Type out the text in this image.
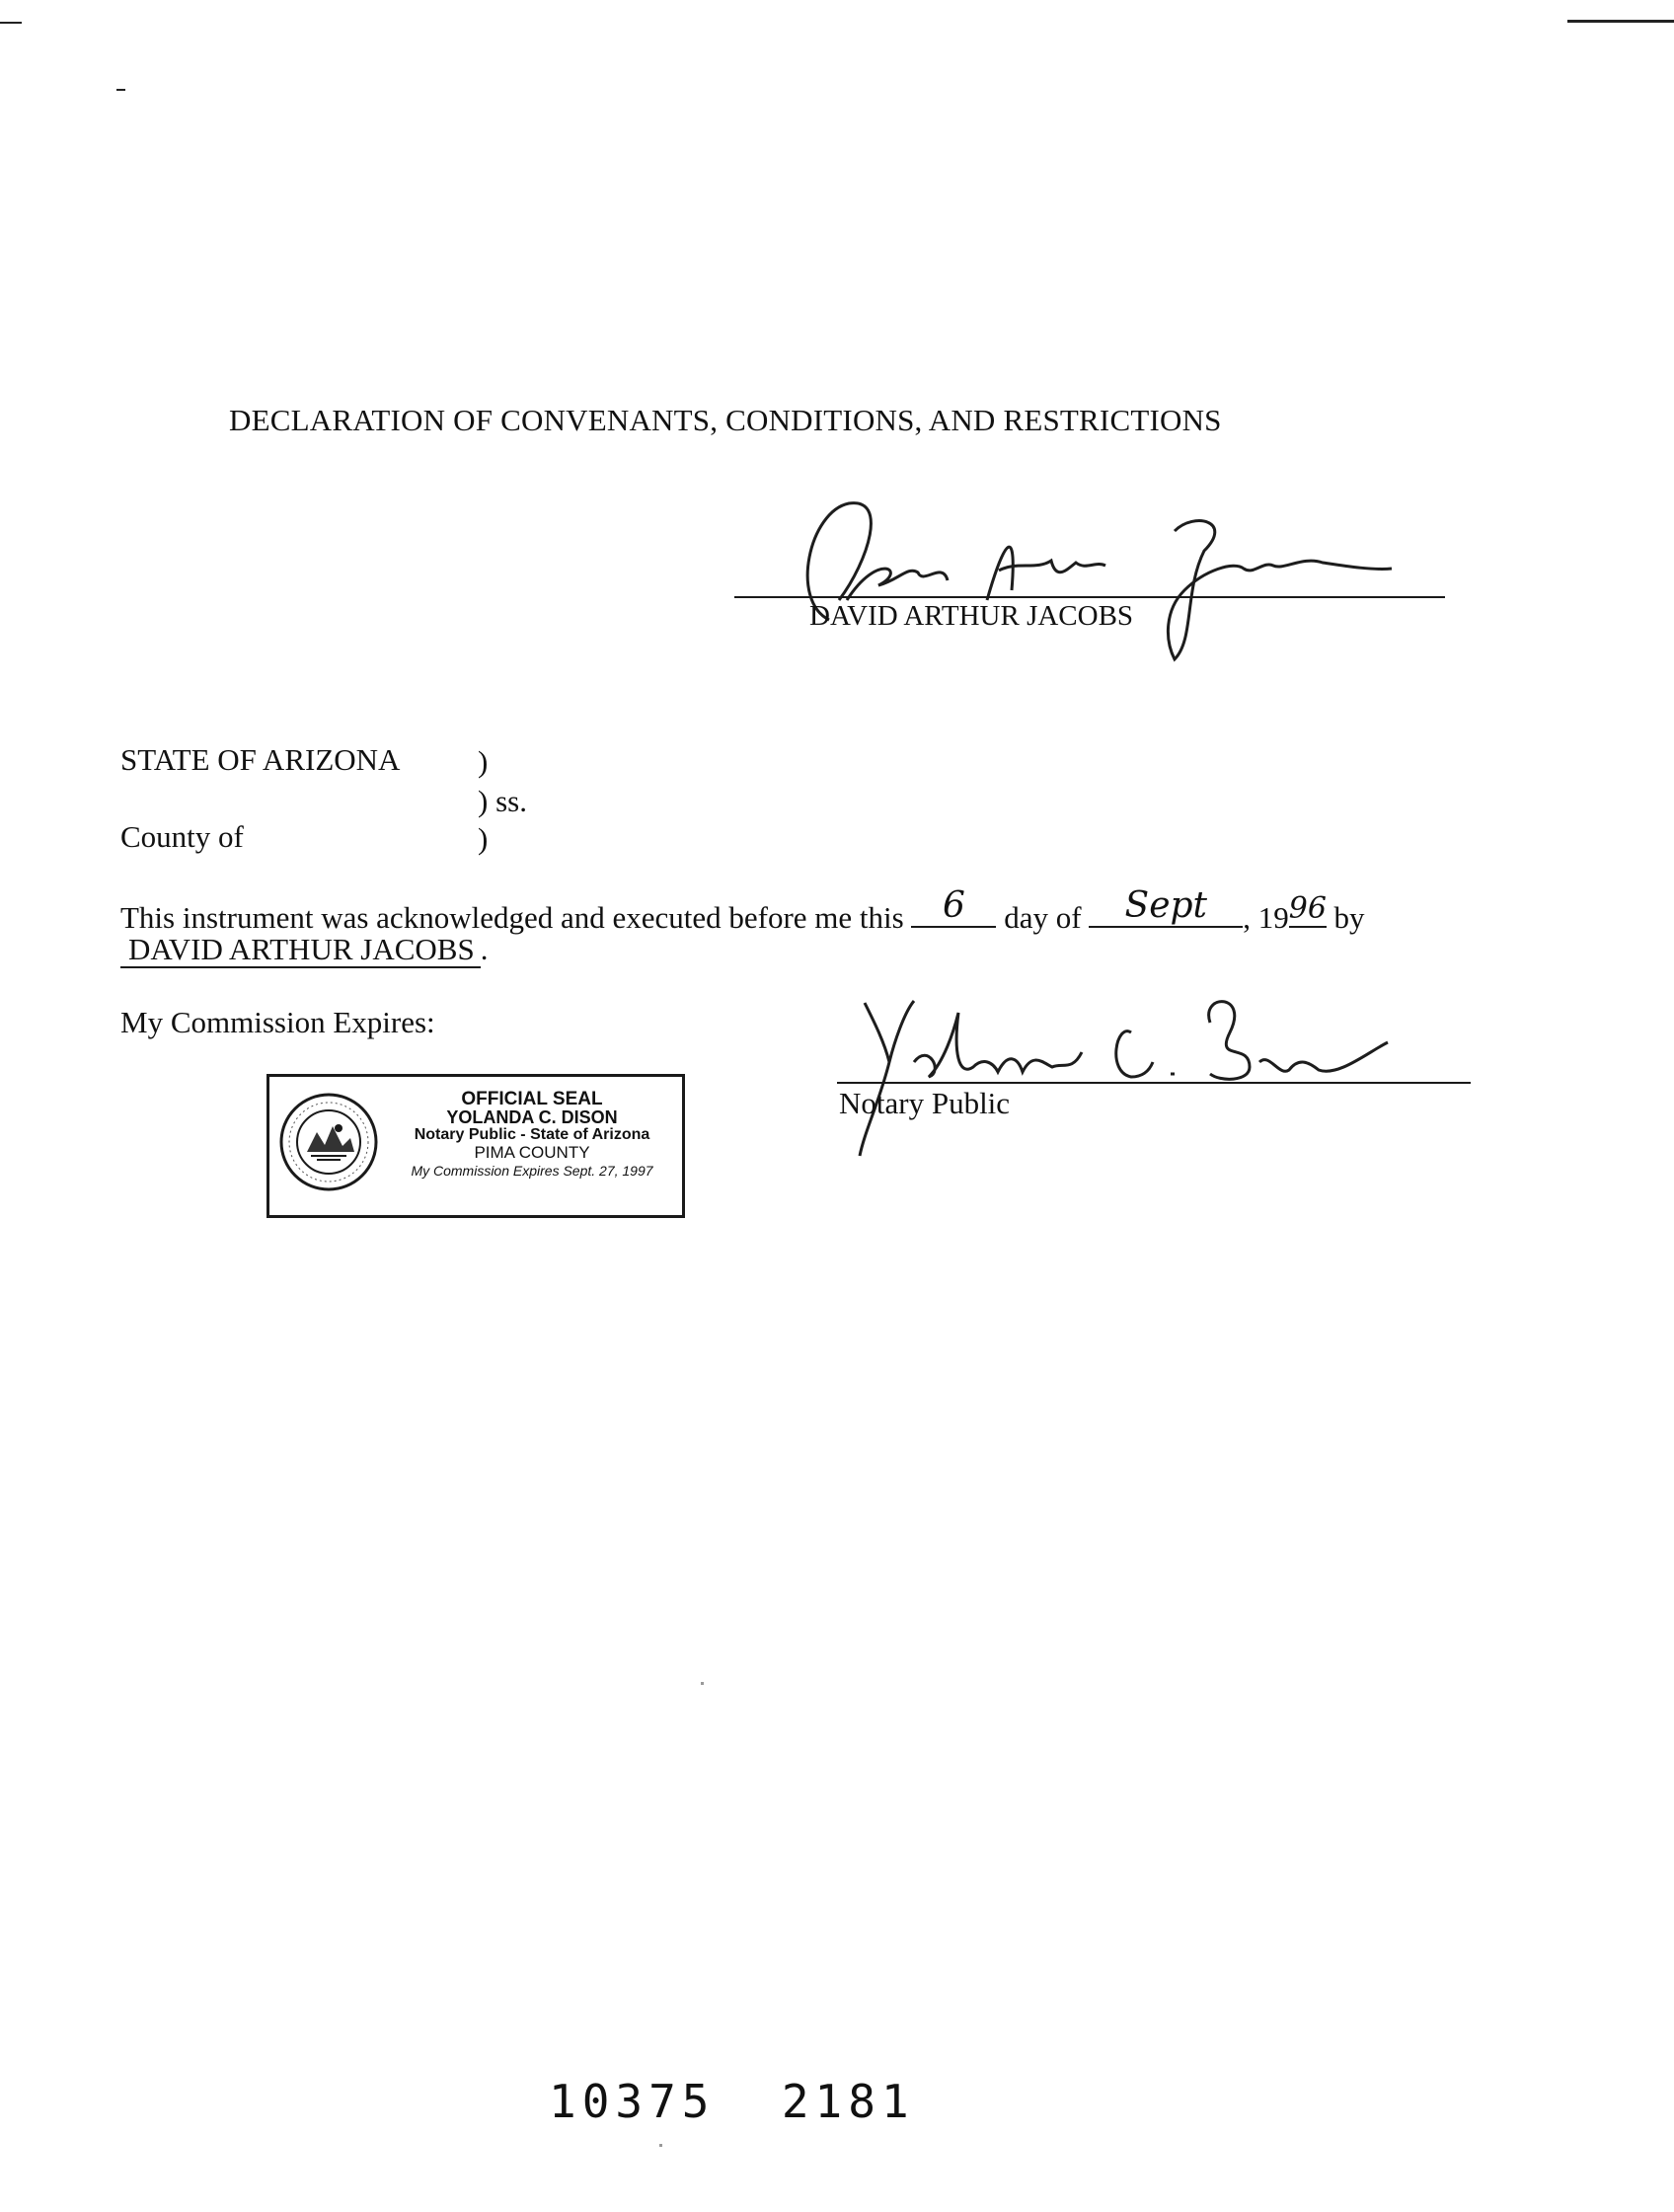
DECLARATION OF CONVENANTS, CONDITIONS, AND RESTRICTIONS
DAVID ARTHUR JACOBS
STATE OF ARIZONA	)
) ss.
County of	)
This instrument was acknowledged and executed before me this	6	day of	Sept	, 19 96 by
DAVID ARTHUR JACOBS .
My Commission Expires:
Notary Public
OFFICIAL SEAL
YOLANDA C. DISON
Notary Public - State of Arizona
PIMA COUNTY
My Commission Expires Sept. 27, 1997
10375  2181
